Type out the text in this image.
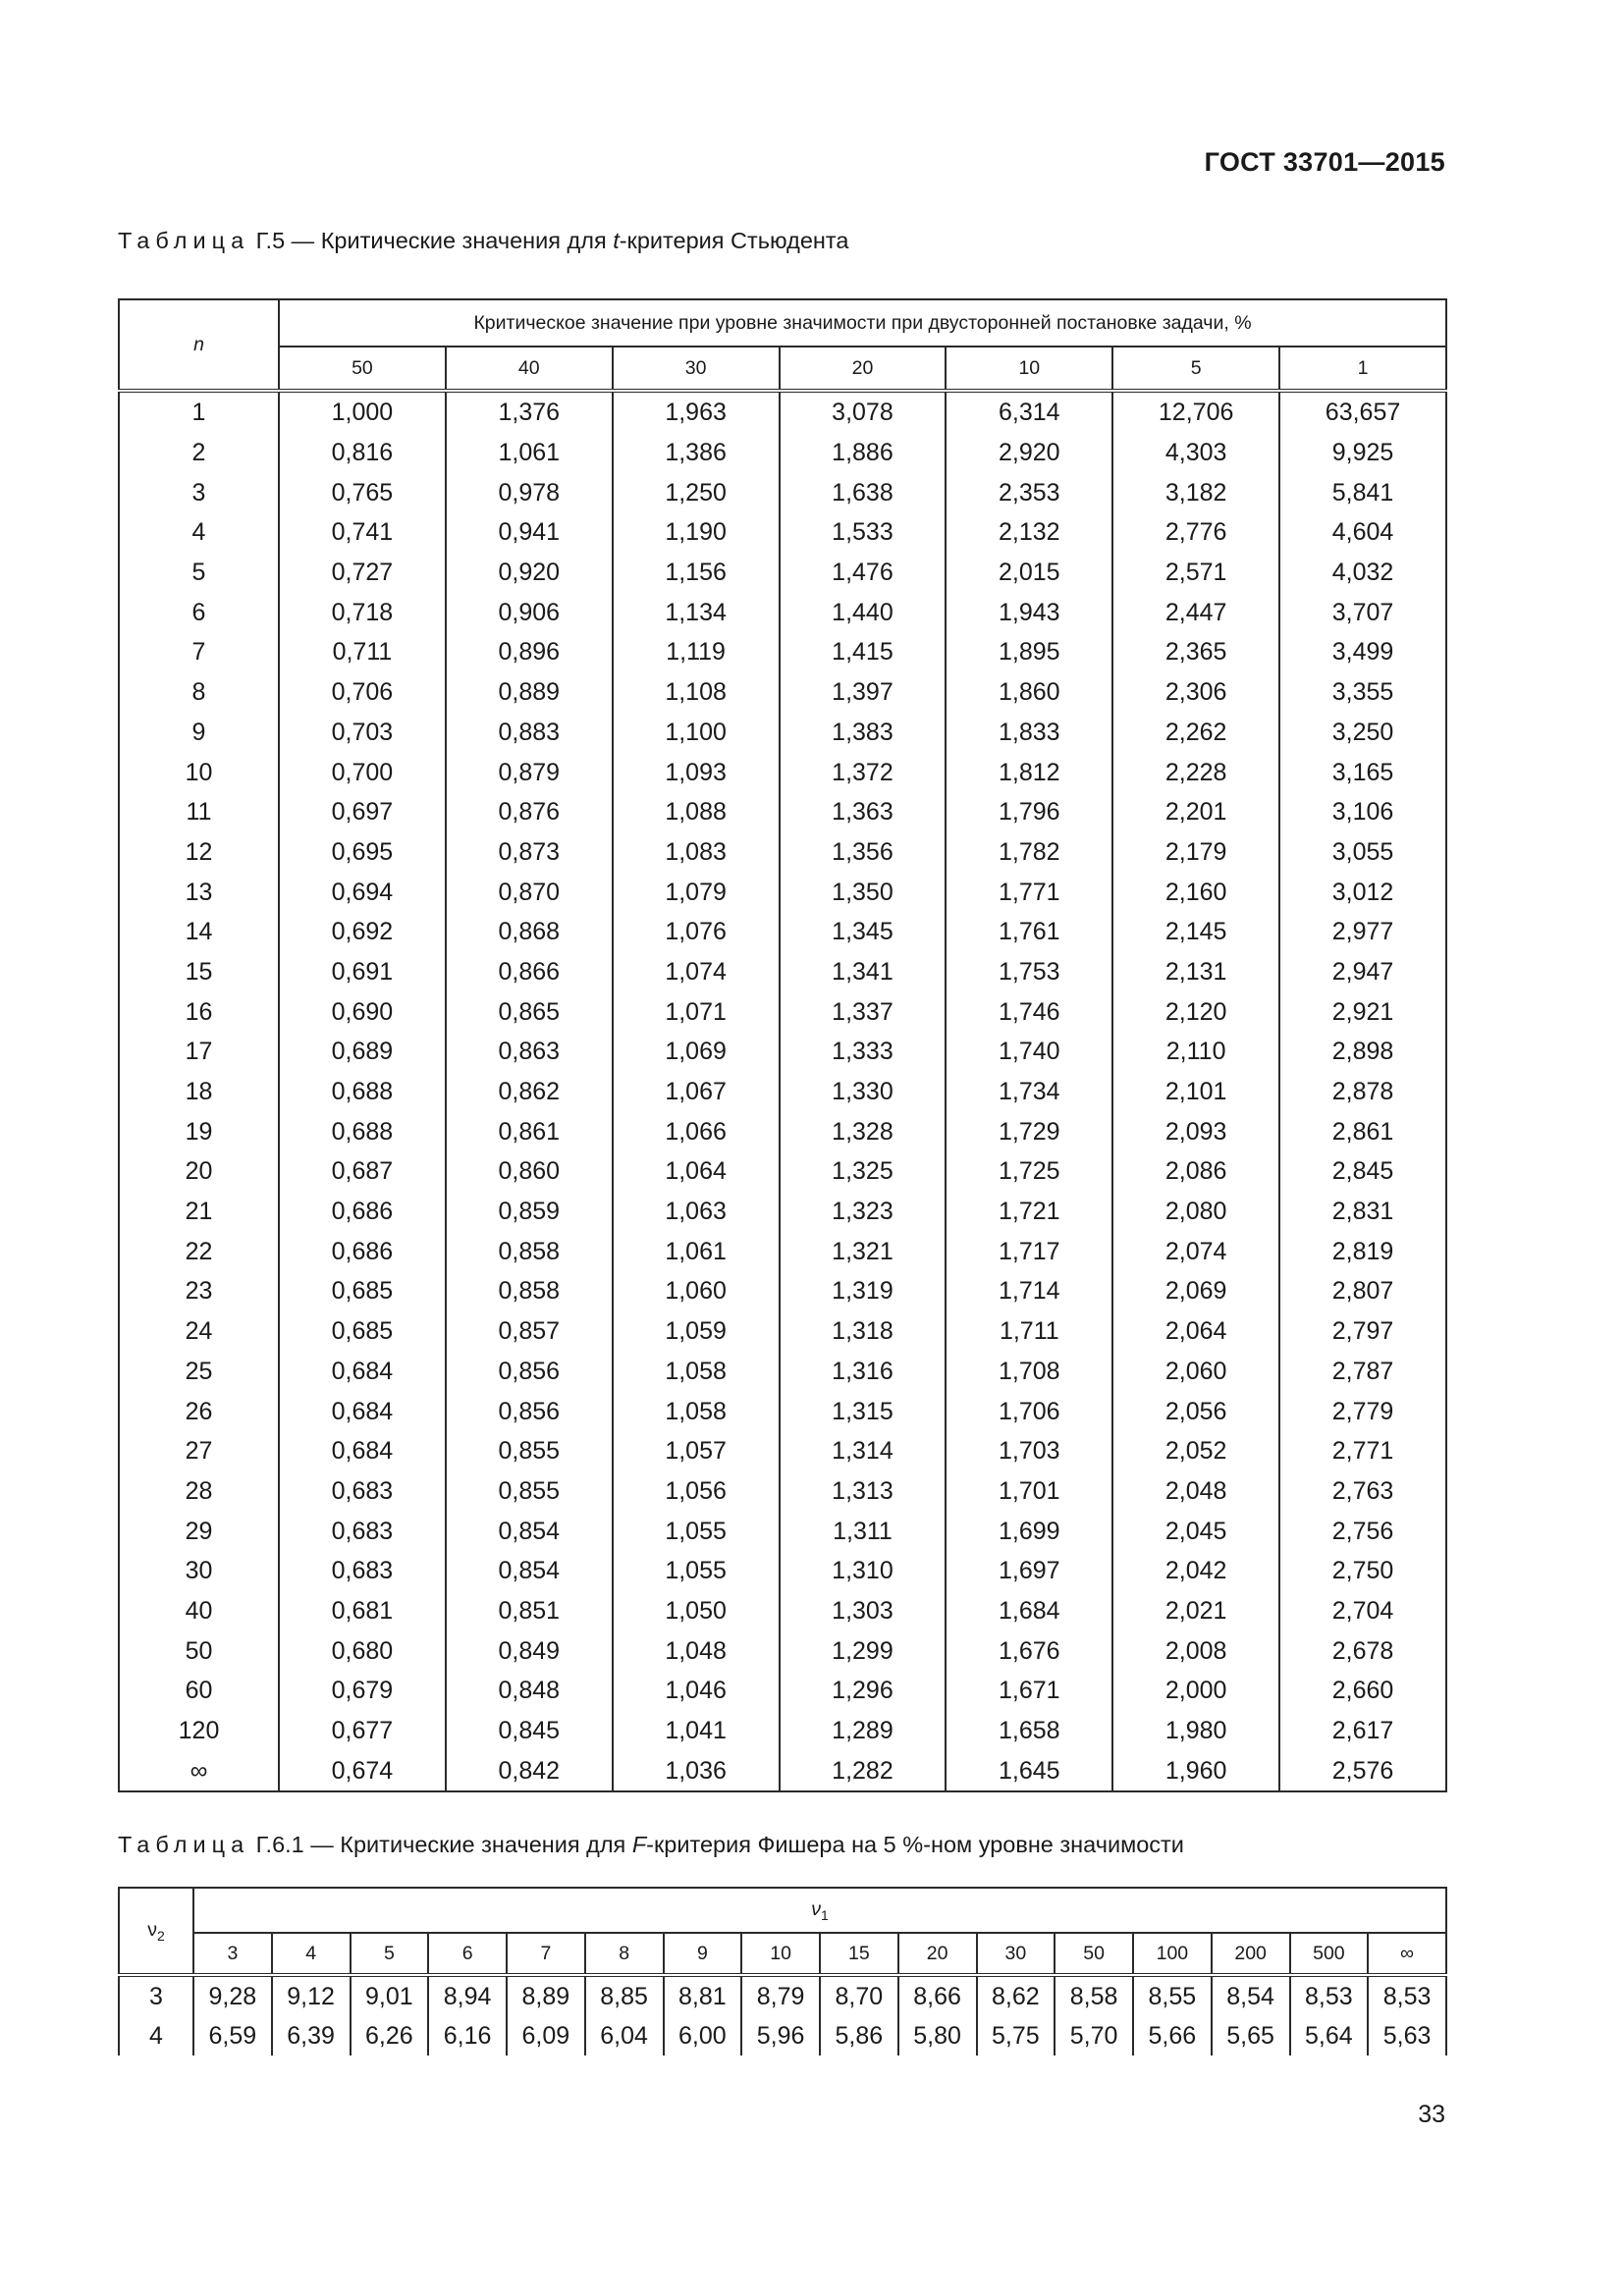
ГОСТ 33701—2015
Таблица Г.5 — Критические значения для t-критерия Стьюдента
n	Критическое значение при уровне значимости при двусторонней постановке задачи, %						
	50	40	30	20	10	5	1
1	1,000	1,376	1,963	3,078	6,314	12,706	63,657
2	0,816	1,061	1,386	1,886	2,920	4,303	9,925
3	0,765	0,978	1,250	1,638	2,353	3,182	5,841
4	0,741	0,941	1,190	1,533	2,132	2,776	4,604
5	0,727	0,920	1,156	1,476	2,015	2,571	4,032
6	0,718	0,906	1,134	1,440	1,943	2,447	3,707
7	0,711	0,896	1,119	1,415	1,895	2,365	3,499
8	0,706	0,889	1,108	1,397	1,860	2,306	3,355
9	0,703	0,883	1,100	1,383	1,833	2,262	3,250
10	0,700	0,879	1,093	1,372	1,812	2,228	3,165
11	0,697	0,876	1,088	1,363	1,796	2,201	3,106
12	0,695	0,873	1,083	1,356	1,782	2,179	3,055
13	0,694	0,870	1,079	1,350	1,771	2,160	3,012
14	0,692	0,868	1,076	1,345	1,761	2,145	2,977
15	0,691	0,866	1,074	1,341	1,753	2,131	2,947
16	0,690	0,865	1,071	1,337	1,746	2,120	2,921
17	0,689	0,863	1,069	1,333	1,740	2,110	2,898
18	0,688	0,862	1,067	1,330	1,734	2,101	2,878
19	0,688	0,861	1,066	1,328	1,729	2,093	2,861
20	0,687	0,860	1,064	1,325	1,725	2,086	2,845
21	0,686	0,859	1,063	1,323	1,721	2,080	2,831
22	0,686	0,858	1,061	1,321	1,717	2,074	2,819
23	0,685	0,858	1,060	1,319	1,714	2,069	2,807
24	0,685	0,857	1,059	1,318	1,711	2,064	2,797
25	0,684	0,856	1,058	1,316	1,708	2,060	2,787
26	0,684	0,856	1,058	1,315	1,706	2,056	2,779
27	0,684	0,855	1,057	1,314	1,703	2,052	2,771
28	0,683	0,855	1,056	1,313	1,701	2,048	2,763
29	0,683	0,854	1,055	1,311	1,699	2,045	2,756
30	0,683	0,854	1,055	1,310	1,697	2,042	2,750
40	0,681	0,851	1,050	1,303	1,684	2,021	2,704
50	0,680	0,849	1,048	1,299	1,676	2,008	2,678
60	0,679	0,848	1,046	1,296	1,671	2,000	2,660
120	0,677	0,845	1,041	1,289	1,658	1,980	2,617
∞	0,674	0,842	1,036	1,282	1,645	1,960	2,576
Таблица Г.6.1 — Критические значения для F-критерия Фишера на 5 %-ном уровне значимости
$\nu_2$	$\nu_1$
	3	4	5	6	7	8	9	10	15	20	30	50	100	200	500	∞
3	9,28	9,12	9,01	8,94	8,89	8,85	8,81	8,79	8,70	8,66	8,62	8,58	8,55	8,54	8,53	8,53
4	6,59	6,39	6,26	6,16	6,09	6,04	6,00	5,96	5,86	5,80	5,75	5,70	5,66	5,65	5,64	5,63
33
